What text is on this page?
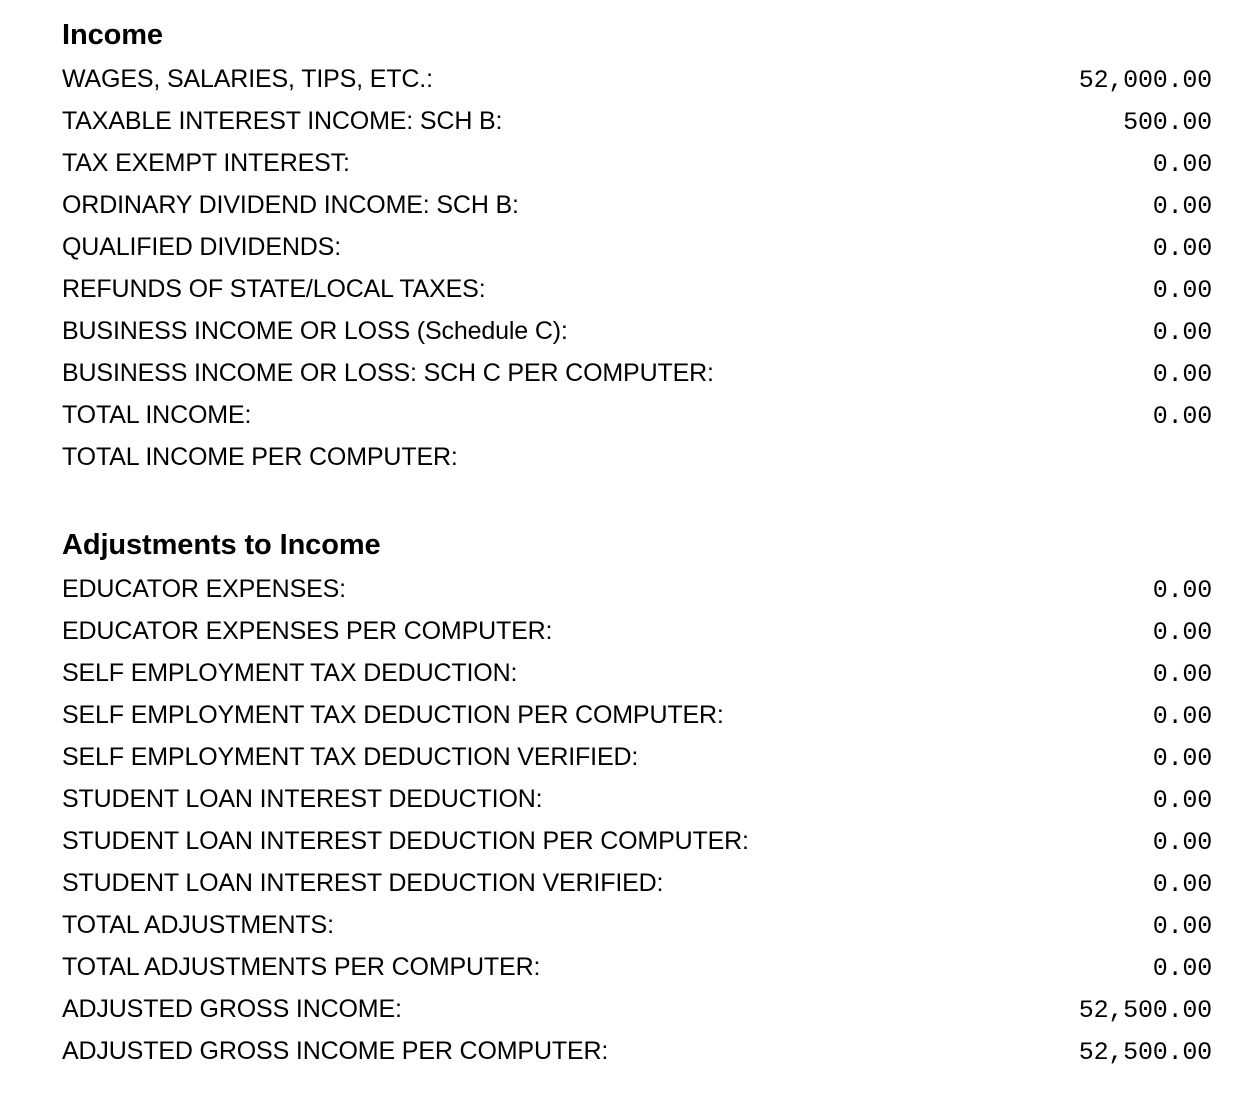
Income
WAGES, SALARIES, TIPS, ETC.:	52,000.00
TAXABLE INTEREST INCOME: SCH B:	500.00
TAX EXEMPT INTEREST:	0.00
ORDINARY DIVIDEND INCOME: SCH B:	0.00
QUALIFIED DIVIDENDS:	0.00
REFUNDS OF STATE/LOCAL TAXES:	0.00
BUSINESS INCOME OR LOSS (Schedule C):	0.00
BUSINESS INCOME OR LOSS: SCH C PER COMPUTER:	0.00
TOTAL INCOME:	0.00
TOTAL INCOME PER COMPUTER:
Adjustments to Income
EDUCATOR EXPENSES:	0.00
EDUCATOR EXPENSES PER COMPUTER:	0.00
SELF EMPLOYMENT TAX DEDUCTION:	0.00
SELF EMPLOYMENT TAX DEDUCTION PER COMPUTER:	0.00
SELF EMPLOYMENT TAX DEDUCTION VERIFIED:	0.00
STUDENT LOAN INTEREST DEDUCTION:	0.00
STUDENT LOAN INTEREST DEDUCTION PER COMPUTER:	0.00
STUDENT LOAN INTEREST DEDUCTION VERIFIED:	0.00
TOTAL ADJUSTMENTS:	0.00
TOTAL ADJUSTMENTS PER COMPUTER:	0.00
ADJUSTED GROSS INCOME:	52,500.00
ADJUSTED GROSS INCOME PER COMPUTER:	52,500.00
